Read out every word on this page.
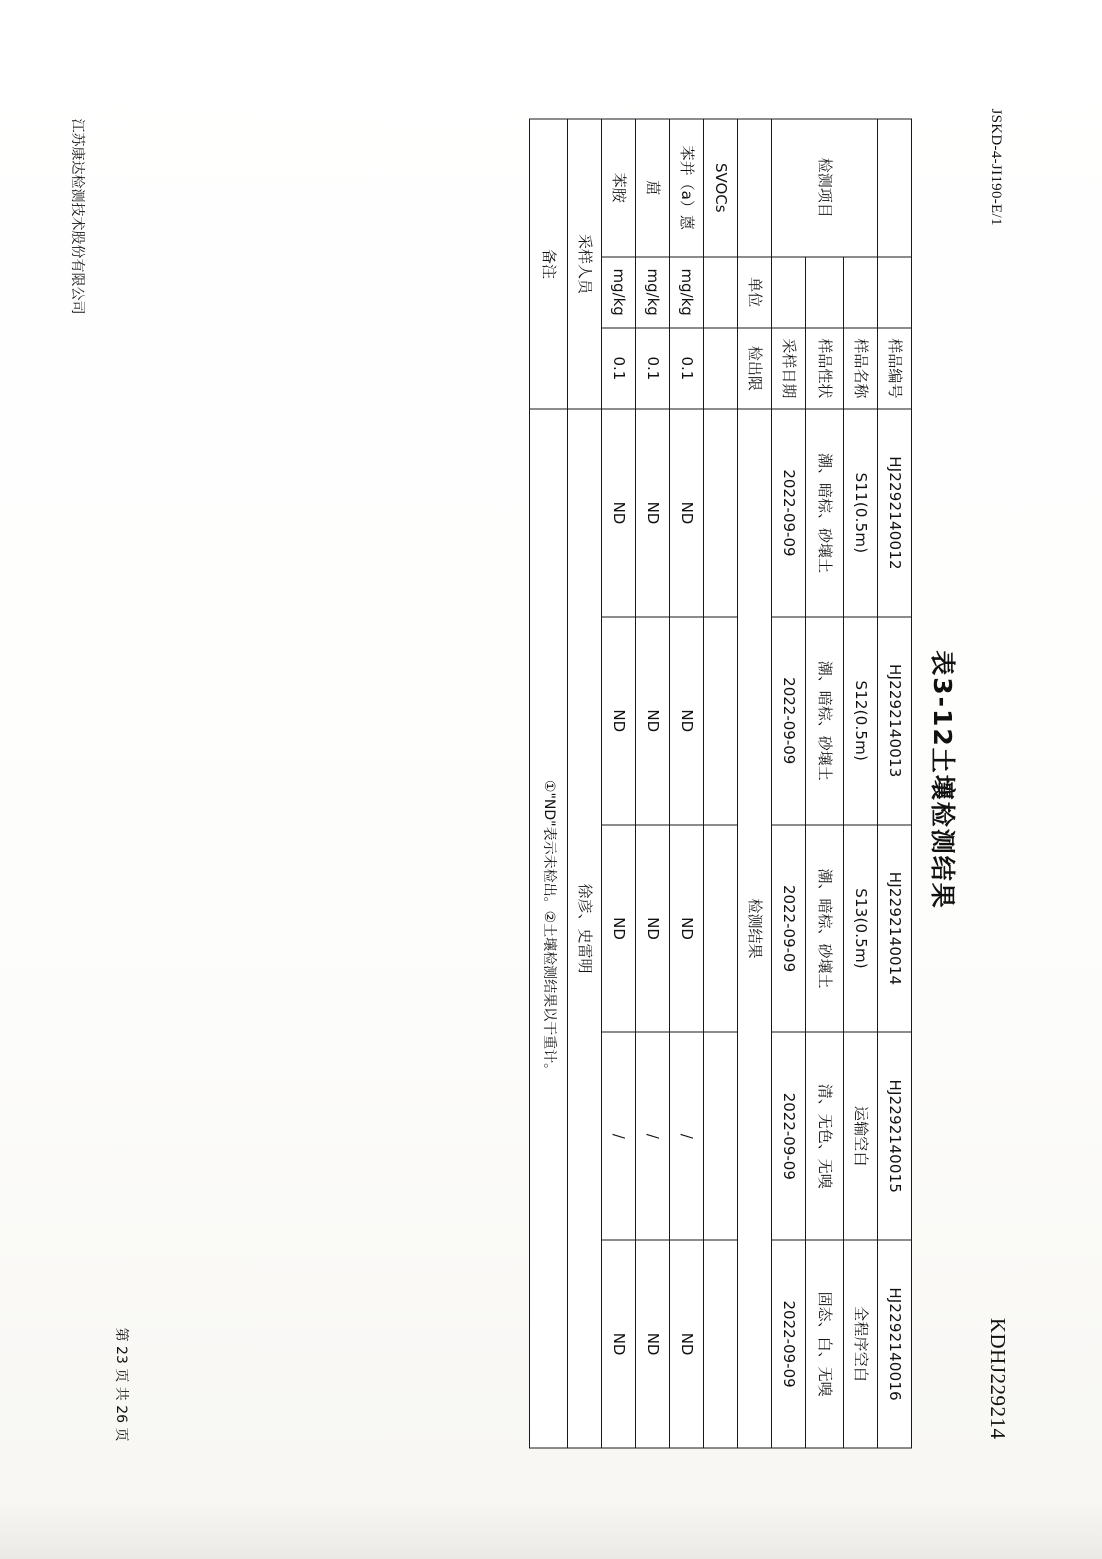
JSKD-4-JI190-E/1
KDHJ229214
表3-12土壤检测结果
		样品编号	HJ2292140012	HJ2292140013	HJ2292140014	HJ2292140015	HJ2292140016
检测项目		样品名称	S11(0.5m)	S12(0.5m)	S13(0.5m)	运输空白	全程序空白
		样品性状	潮、暗棕、砂壤土	潮、暗棕、砂壤土	潮、暗棕、砂壤土	清、无色、无嗅	固态、白、无嗅
		采样日期	2022-09-09	2022-09-09	2022-09-09	2022-09-09	2022-09-09
	单位	检出限	检测结果				
SVOCs							
苯并（a）蒽	mg/kg	0.1	ND	ND	ND	/	ND
䓛	mg/kg	0.1	ND	ND	ND	/	ND
苯胺	mg/kg	0.1	ND	ND	ND	/	ND
采样人员			徐彦、史雷明				
备注			①"ND"表示未检出。②土壤检测结果以干重计。				
第 23 页 共 26 页
江苏康达检测技术股份有限公司
